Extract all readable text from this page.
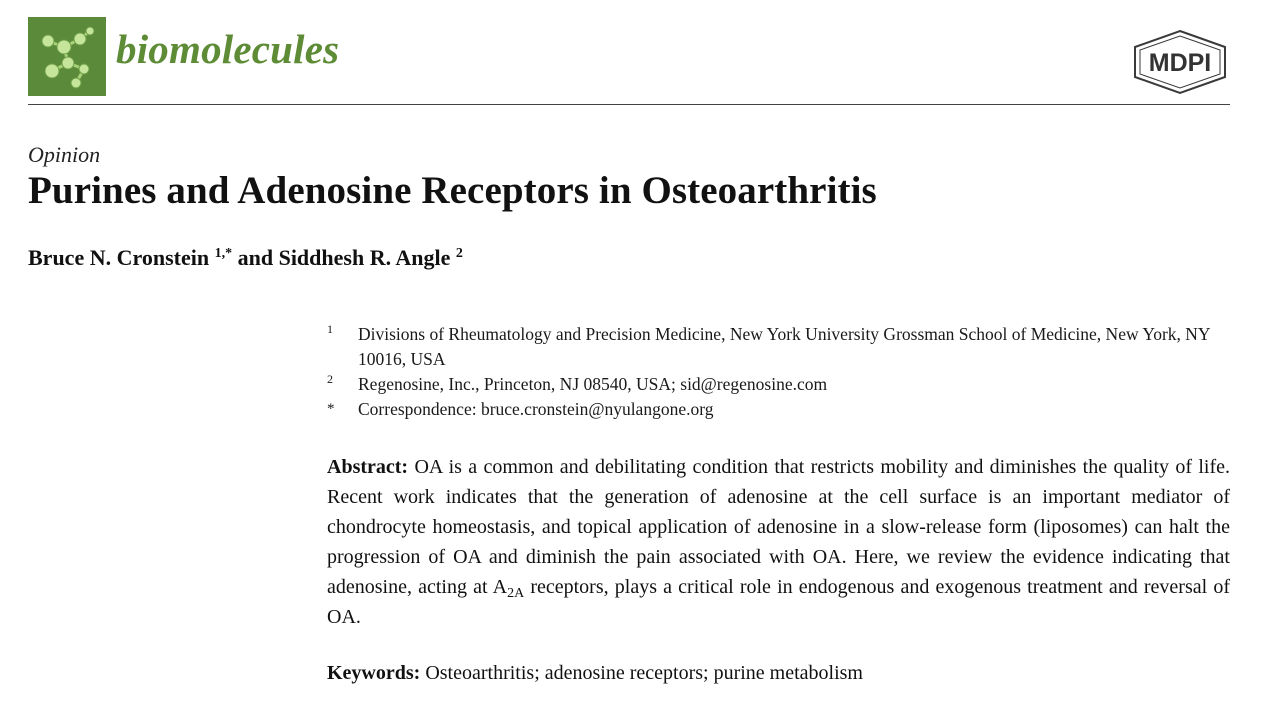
biomolecules	MDPI
Opinion
Purines and Adenosine Receptors in Osteoarthritis
Bruce N. Cronstein $^{1,*}$ and Siddhesh R. Angle $^2$
1 Divisions of Rheumatology and Precision Medicine, New York University Grossman School of Medicine, New York, NY 10016, USA
2 Regenosine, Inc., Princeton, NJ 08540, USA; sid@regenosine.com
* Correspondence: bruce.cronstein@nyulangone.org
Abstract: OA is a common and debilitating condition that restricts mobility and diminishes the quality of life. Recent work indicates that the generation of adenosine at the cell surface is an important mediator of chondrocyte homeostasis, and topical application of adenosine in a slow-release form (liposomes) can halt the progression of OA and diminish the pain associated with OA. Here, we review the evidence indicating that adenosine, acting at $A_{2A}$ receptors, plays a critical role in endogenous and exogenous treatment and reversal of OA.
Keywords: Osteoarthritis; adenosine receptors; purine metabolism
